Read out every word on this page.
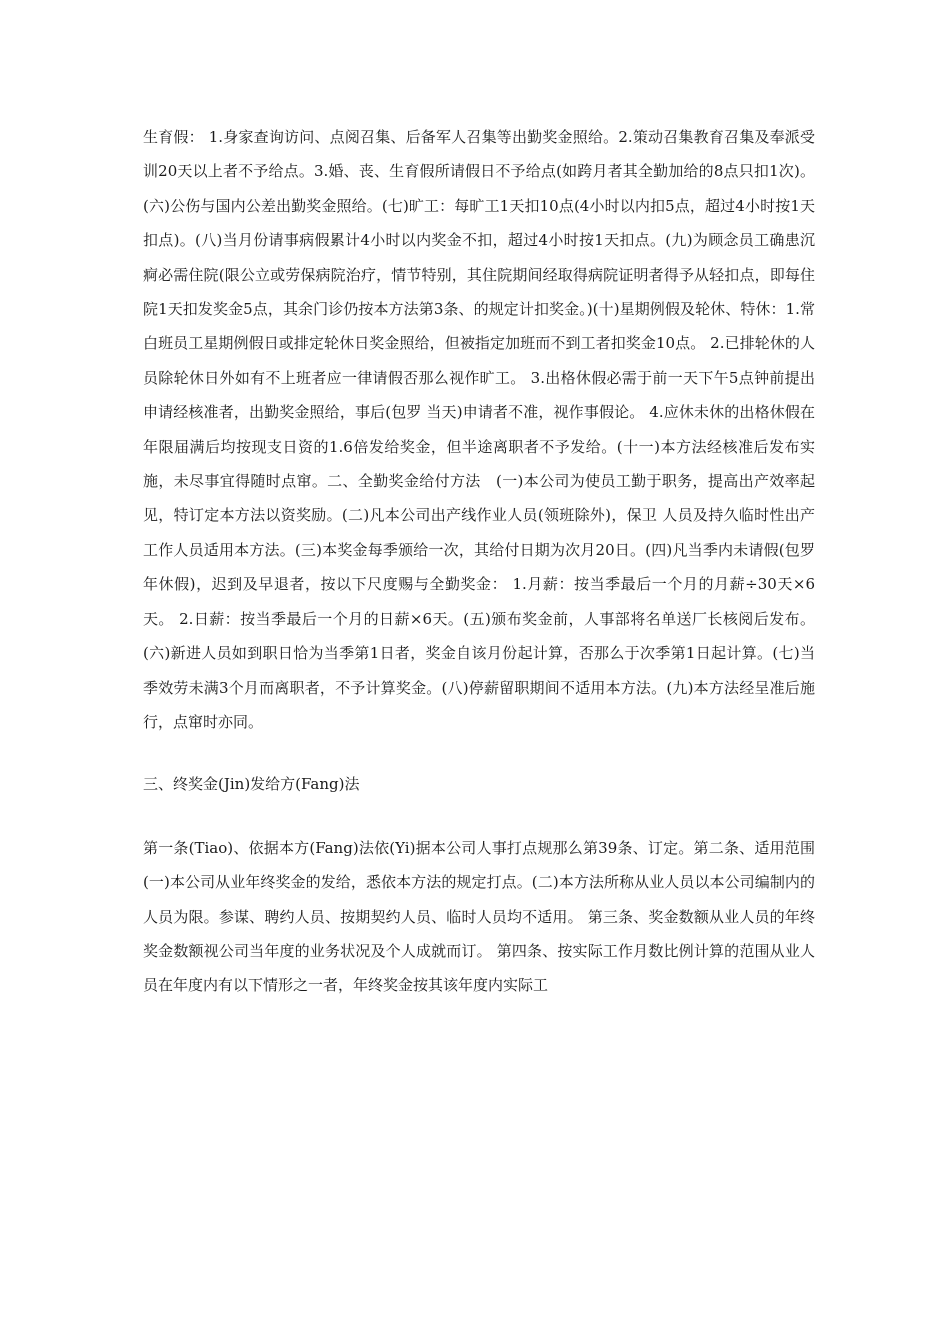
生育假： 1.身家查询访问、点阅召集、后备军人召集等出勤奖金照给。2.策动召集教育召集及奉派受训20天以上者不予给点。3.婚、丧、生育假所请假日不予给点(如跨月者其全勤加给的8点只扣1次)。(六)公伤与国内公差出勤奖金照给。(七)旷工：每旷工1天扣10点(4小时以内扣5点，超过4小时按1天扣点)。(八)当月份请事病假累计4小时以内奖金不扣，超过4小时按1天扣点。(九)为顾念员工确患沉痾必需住院(限公立或劳保病院治疗，情节特别，其住院期间经取得病院证明者得予从轻扣点，即每住院1天扣发奖金5点，其余门诊仍按本方法第3条、的规定计扣奖金。)(十)星期例假及轮休、特休：1.常白班员工星期例假日或排定轮休日奖金照给，但被指定加班而不到工者扣奖金10点。 2.已排轮休的人员除轮休日外如有不上班者应一律请假否那么视作旷工。 3.出格休假必需于前一天下午5点钟前提出申请经核准者，出勤奖金照给，事后(包罗 当天)申请者不准，视作事假论。 4.应休未休的出格休假在年限届满后均按现支日资的1.6倍发给奖金，但半途离职者不予发给。(十一)本方法经核准后发布实施，未尽事宜得随时点窜。二、全勤奖金给付方法　(一)本公司为使员工勤于职务，提高出产效率起见，特订定本方法以资奖励。(二)凡本公司出产线作业人员(领班除外)，保卫 人员及持久临时性出产工作人员适用本方法。(三)本奖金每季颁给一次，其给付日期为次月20日。(四)凡当季内未请假(包罗 年休假)，迟到及早退者，按以下尺度赐与全勤奖金： 1.月薪：按当季最后一个月的月薪÷30天×6天。 2.日薪：按当季最后一个月的日薪×6天。(五)颁布奖金前，人事部将名单送厂长核阅后发布。(六)新进人员如到职日恰为当季第1日者，奖金自该月份起计算，否那么于次季第1日起计算。(七)当季效劳未满3个月而离职者，不予计算奖金。(八)停薪留职期间不适用本方法。(九)本方法经呈准后施行，点窜时亦同。

三、终奖金(Jin)发给方(Fang)法

第一条(Tiao)、依据本方(Fang)法依(Yi)据本公司人事打点规那么第39条、订定。第二条、适用范围 (一)本公司从业年终奖金的发给，悉依本方法的规定打点。(二)本方法所称从业人员以本公司编制内的人员为限。参谋、聘约人员、按期契约人员、临时人员均不适用。 第三条、奖金数额从业人员的年终奖金数额视公司当年度的业务状况及个人成就而订。 第四条、按实际工作月数比例计算的范围从业人员在年度内有以下情形之一者，年终奖金按其该年度内实际工
